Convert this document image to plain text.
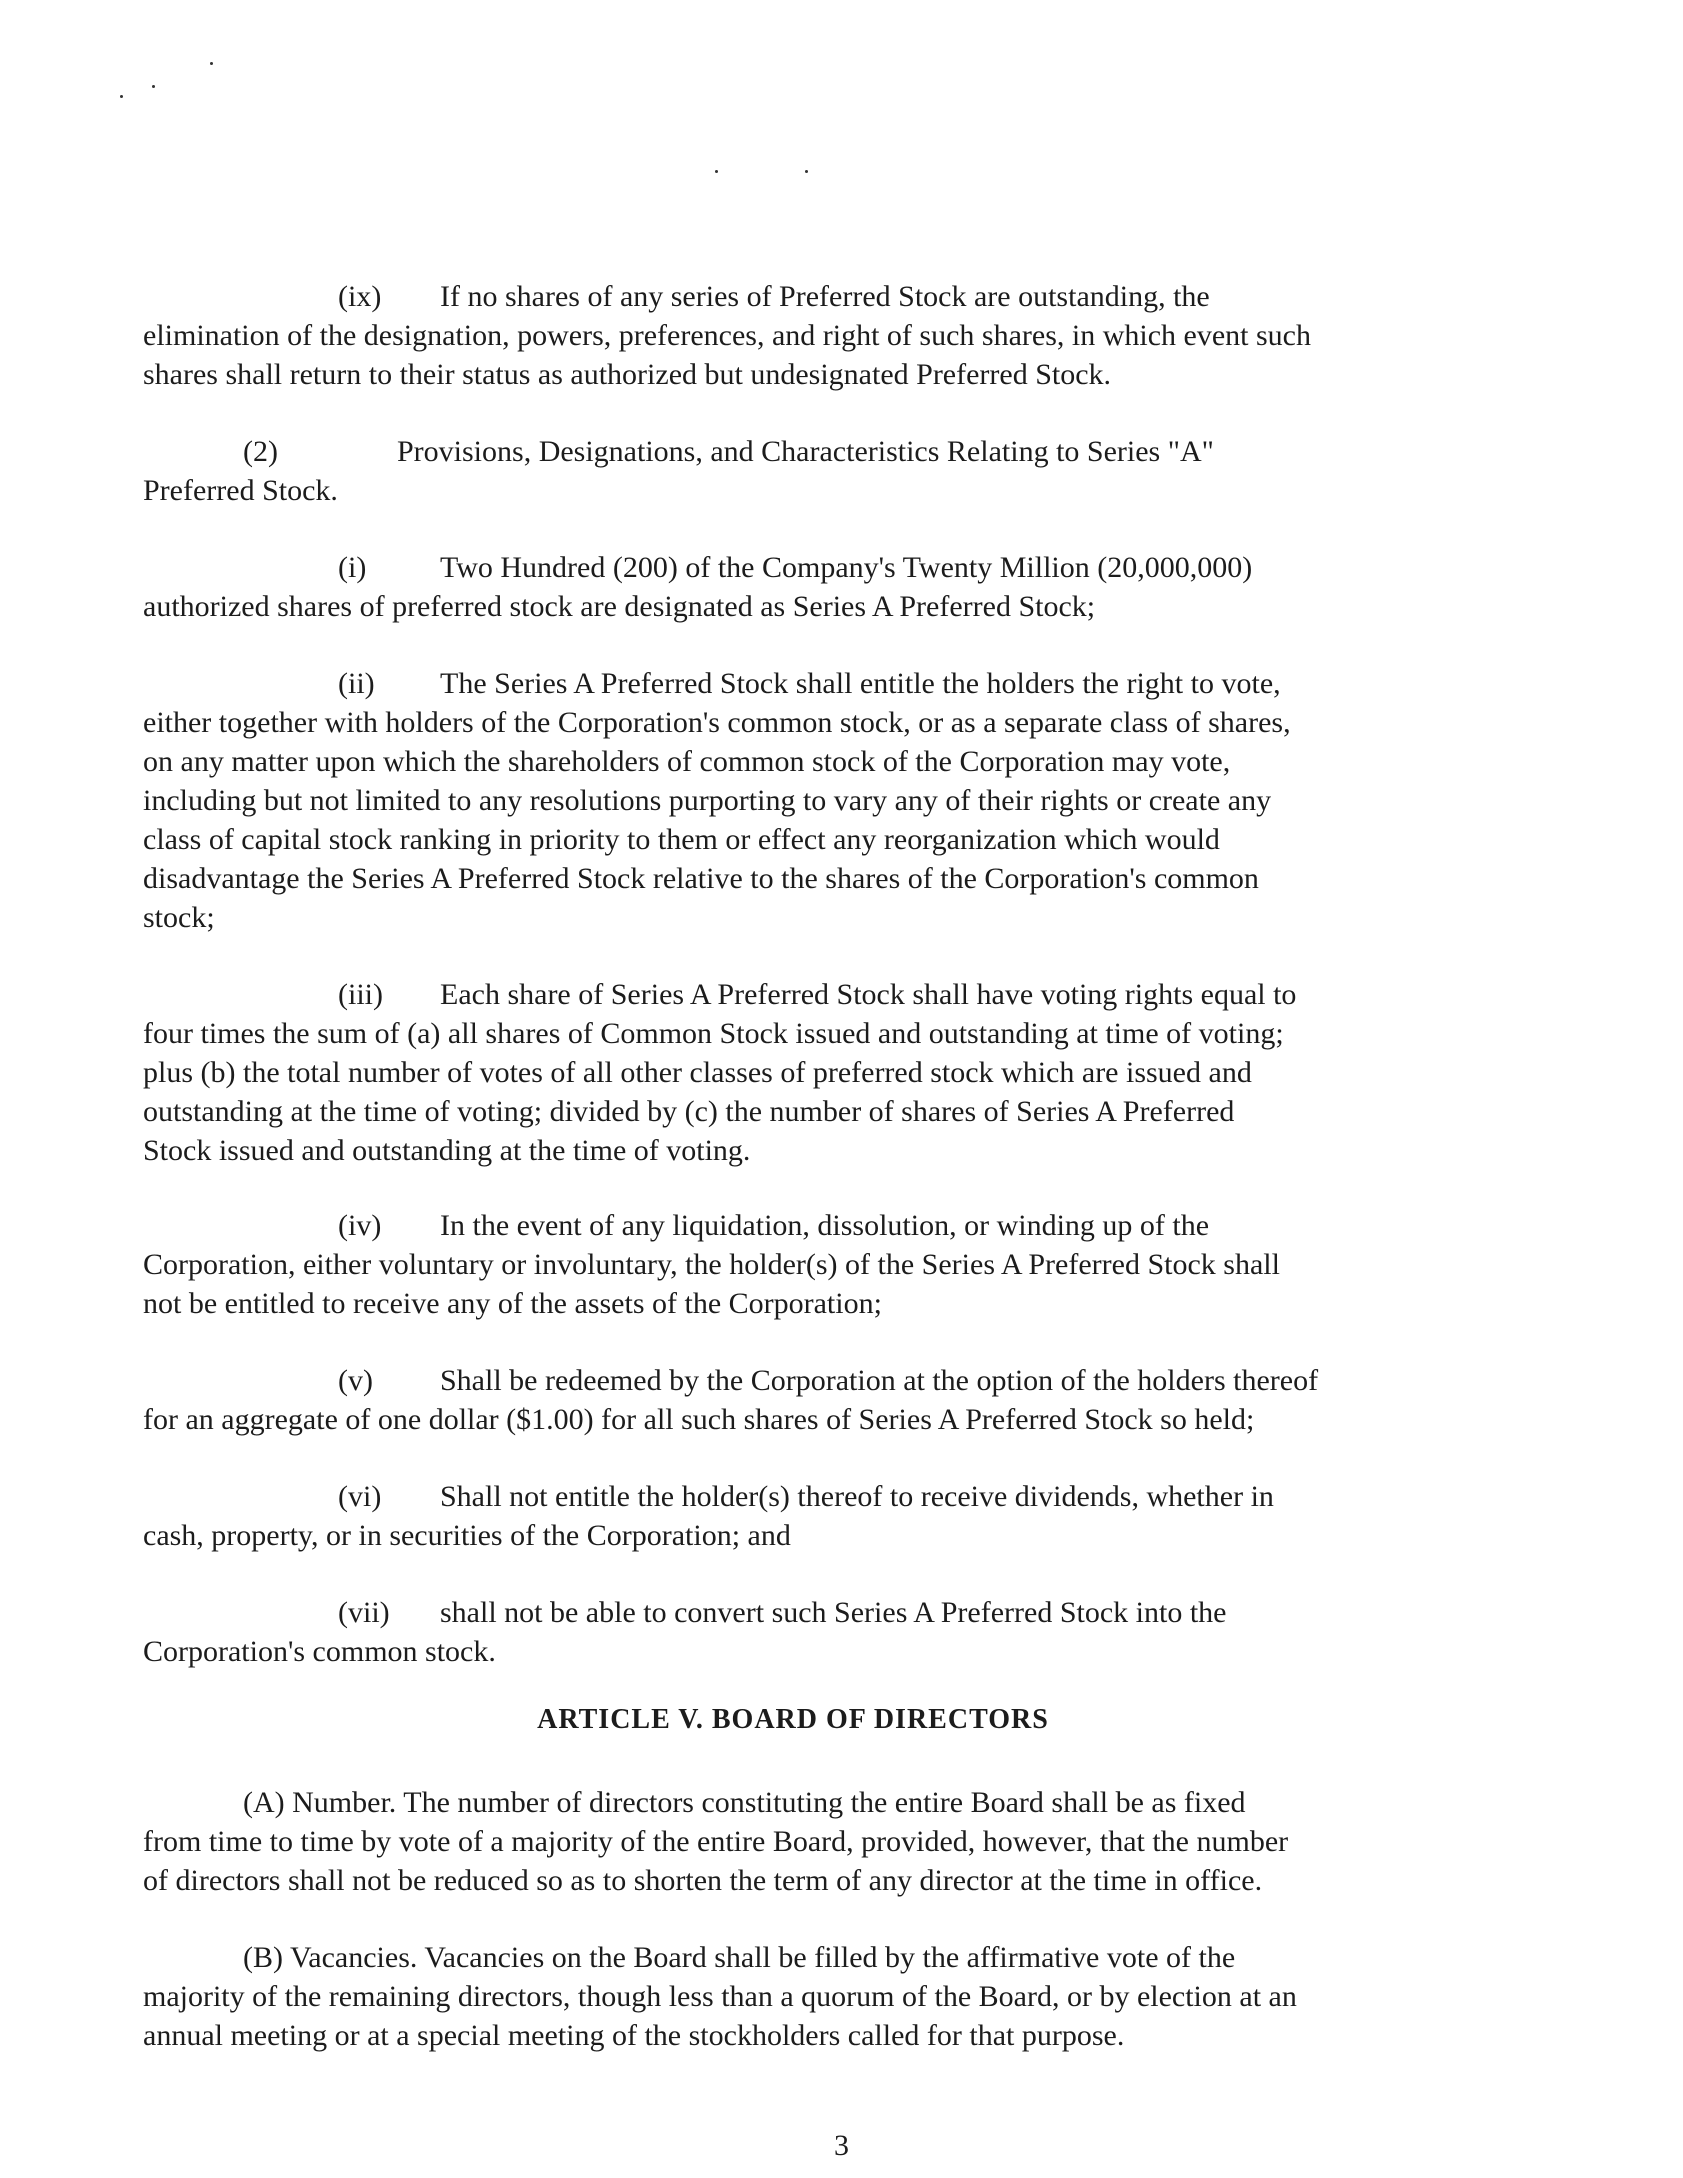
(ix) If no shares of any series of Preferred Stock are outstanding, the
elimination of the designation, powers, preferences, and right of such shares, in which event such
shares shall return to their status as authorized but undesignated Preferred Stock.
(2)	Provisions, Designations, and Characteristics Relating to Series "A"
Preferred Stock.
(i) Two Hundred (200) of the Company's Twenty Million (20,000,000)
authorized shares of preferred stock are designated as Series A Preferred Stock;
(ii) The Series A Preferred Stock shall entitle the holders the right to vote,
either together with holders of the Corporation's common stock, or as a separate class of shares,
on any matter upon which the shareholders of common stock of the Corporation may vote,
including but not limited to any resolutions purporting to vary any of their rights or create any
class of capital stock ranking in priority to them or effect any reorganization which would
disadvantage the Series A Preferred Stock relative to the shares of the Corporation's common
stock;
(iii) Each share of Series A Preferred Stock shall have voting rights equal to
four times the sum of (a) all shares of Common Stock issued and outstanding at time of voting;
plus (b) the total number of votes of all other classes of preferred stock which are issued and
outstanding at the time of voting; divided by (c) the number of shares of Series A Preferred
Stock issued and outstanding at the time of voting.
(iv) In the event of any liquidation, dissolution, or winding up of the
Corporation, either voluntary or involuntary, the holder(s) of the Series A Preferred Stock shall
not be entitled to receive any of the assets of the Corporation;
(v) Shall be redeemed by the Corporation at the option of the holders thereof
for an aggregate of one dollar ($1.00) for all such shares of Series A Preferred Stock so held;
(vi) Shall not entitle the holder(s) thereof to receive dividends, whether in
cash, property, or in securities of the Corporation; and
(vii) shall not be able to convert such Series A Preferred Stock into the
Corporation's common stock.
ARTICLE V. BOARD OF DIRECTORS
(A) Number. The number of directors constituting the entire Board shall be as fixed
from time to time by vote of a majority of the entire Board, provided, however, that the number
of directors shall not be reduced so as to shorten the term of any director at the time in office.
(B) Vacancies. Vacancies on the Board shall be filled by the affirmative vote of the
majority of the remaining directors, though less than a quorum of the Board, or by election at an
annual meeting or at a special meeting of the stockholders called for that purpose.
3
